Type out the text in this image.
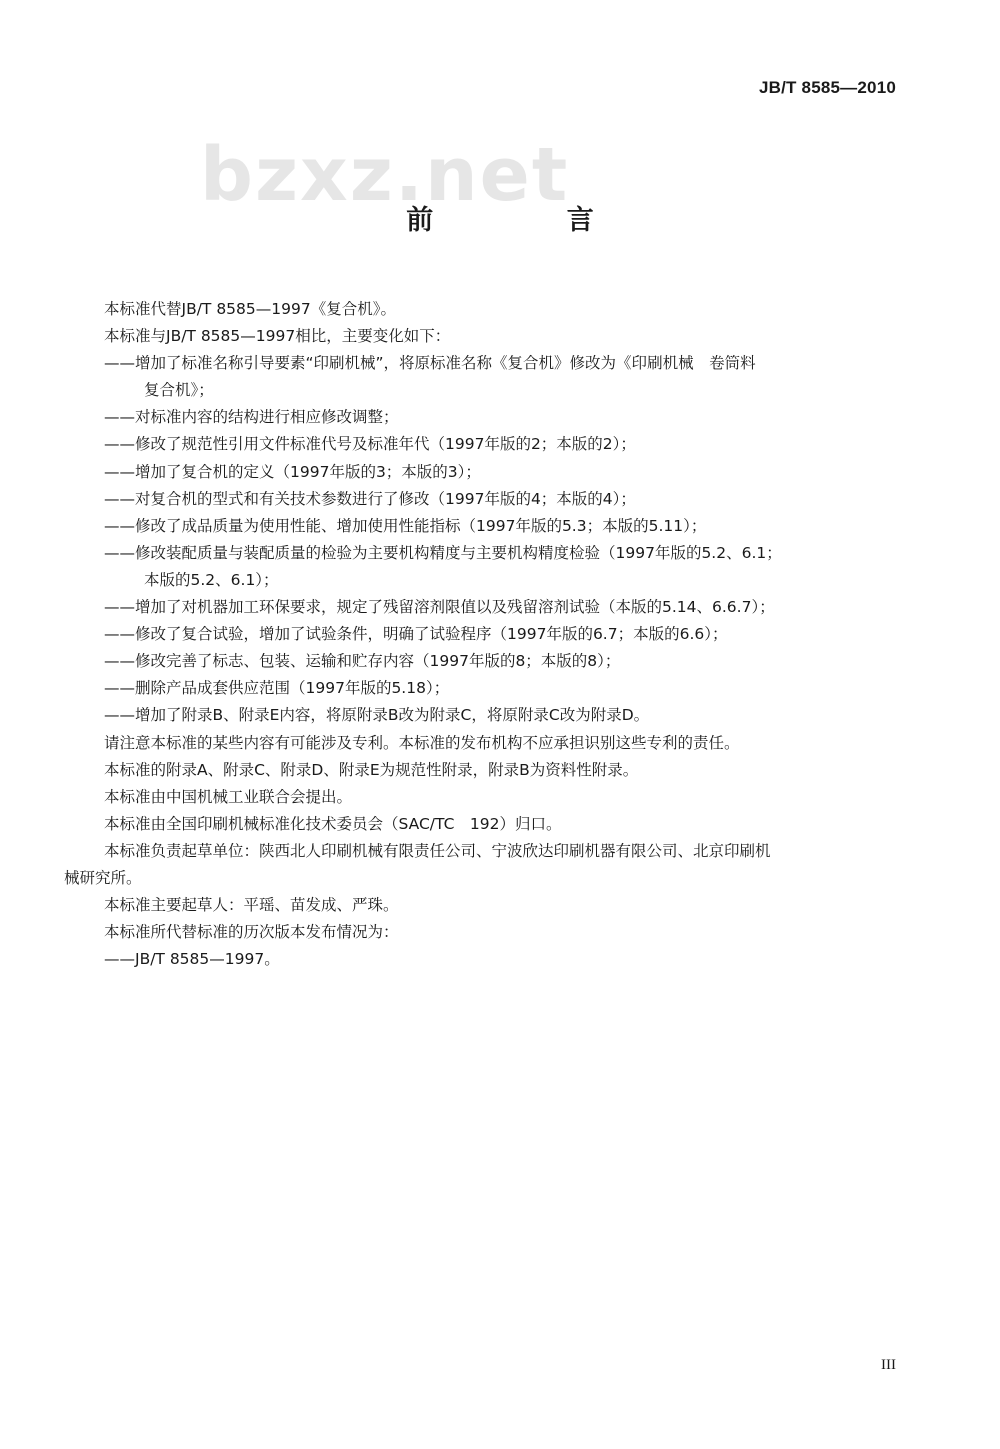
JB/T 8585—2010
bzxz.net
前 言
本标准代替JB/T 8585—1997《复合机》。
本标准与JB/T 8585—1997相比，主要变化如下：
——增加了标准名称引导要素“印刷机械”，将原标准名称《复合机》修改为《印刷机械　卷筒料
复合机》；
——对标准内容的结构进行相应修改调整；
——修改了规范性引用文件标准代号及标准年代（1997年版的2；本版的2）；
——增加了复合机的定义（1997年版的3；本版的3）；
——对复合机的型式和有关技术参数进行了修改（1997年版的4；本版的4）；
——修改了成品质量为使用性能、增加使用性能指标（1997年版的5.3；本版的5.11）；
——修改装配质量与装配质量的检验为主要机构精度与主要机构精度检验（1997年版的5.2、6.1；
本版的5.2、6.1）；
——增加了对机器加工环保要求，规定了残留溶剂限值以及残留溶剂试验（本版的5.14、6.6.7）；
——修改了复合试验，增加了试验条件，明确了试验程序（1997年版的6.7；本版的6.6）；
——修改完善了标志、包装、运输和贮存内容（1997年版的8；本版的8）；
——删除产品成套供应范围（1997年版的5.18）；
——增加了附录B、附录E内容，将原附录B改为附录C，将原附录C改为附录D。
请注意本标准的某些内容有可能涉及专利。本标准的发布机构不应承担识别这些专利的责任。
本标准的附录A、附录C、附录D、附录E为规范性附录，附录B为资料性附录。
本标准由中国机械工业联合会提出。
本标准由全国印刷机械标准化技术委员会（SAC/TC　192）归口。
本标准负责起草单位：陕西北人印刷机械有限责任公司、宁波欣达印刷机器有限公司、北京印刷机
械研究所。
本标准主要起草人：平瑶、苗发成、严珠。
本标准所代替标准的历次版本发布情况为：
——JB/T 8585—1997。
III
